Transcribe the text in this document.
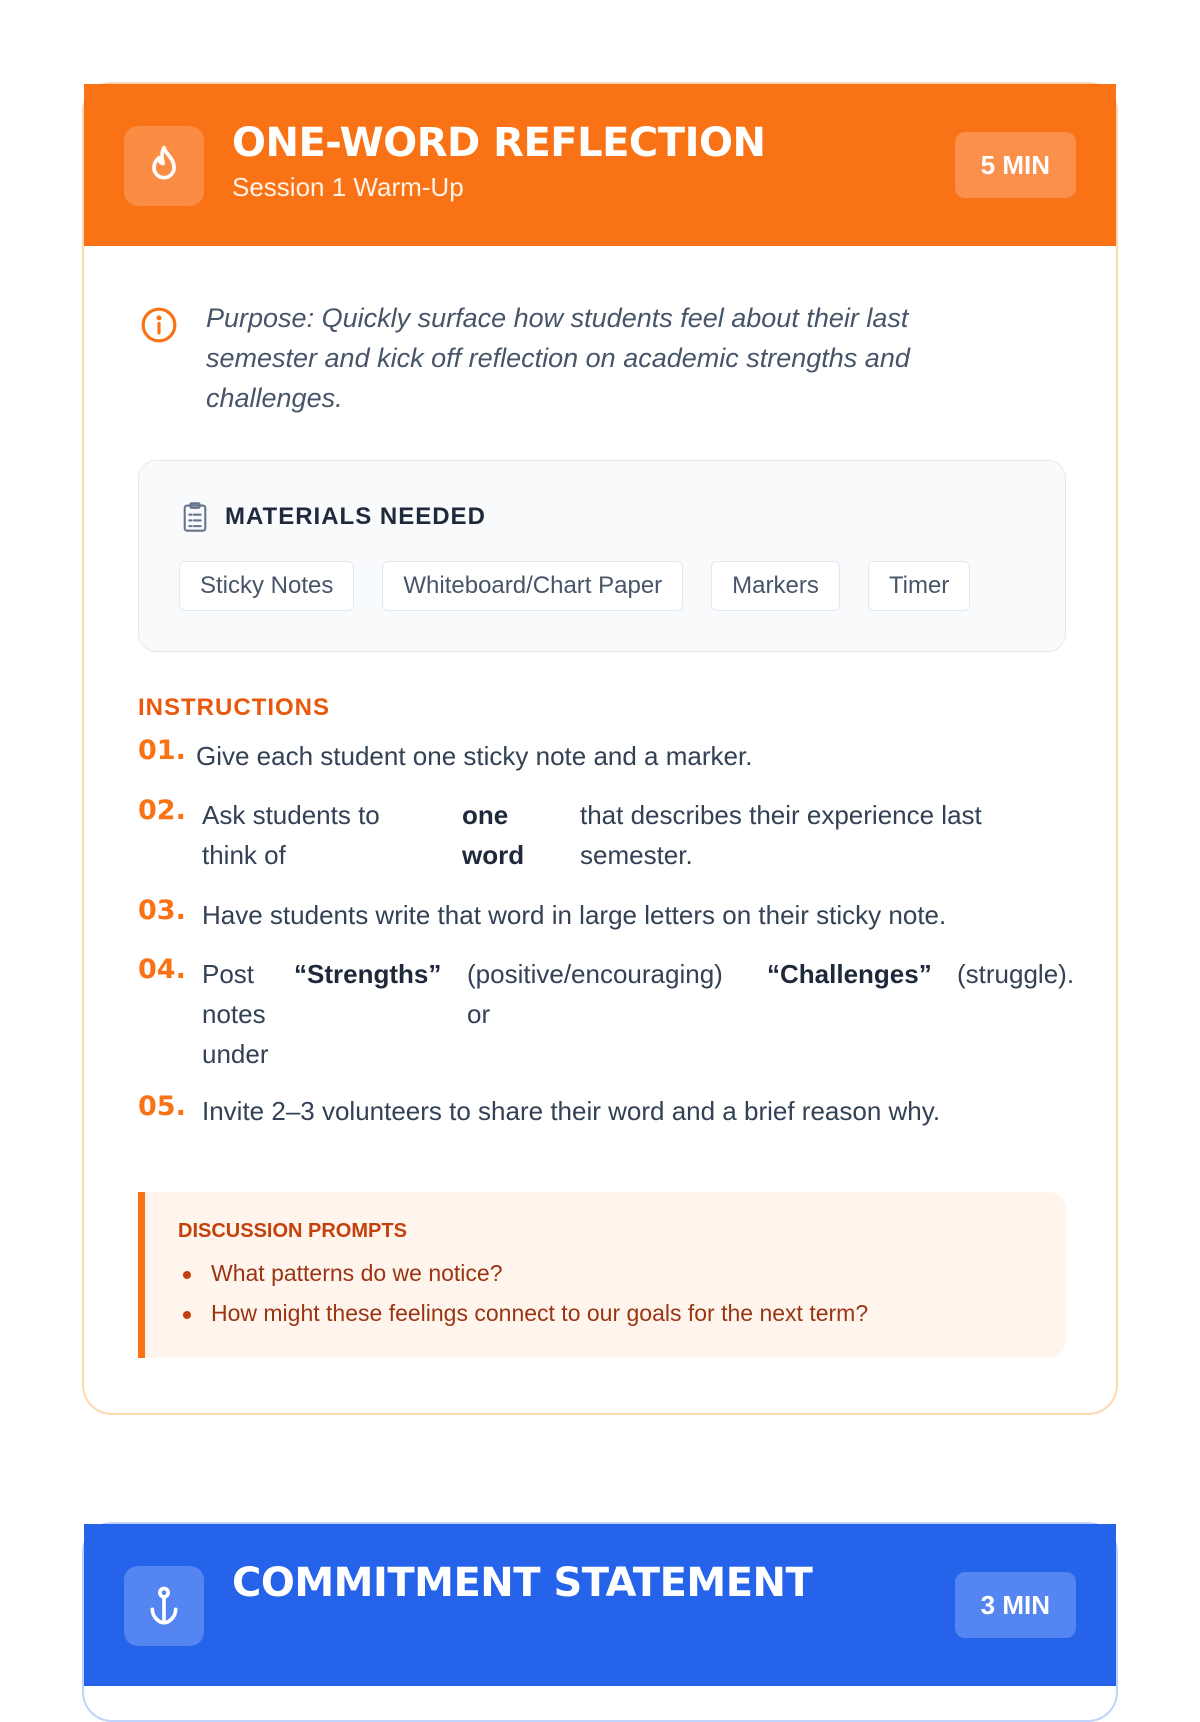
ONE-WORD REFLECTION
Session 1 Warm-Up
5 MIN
Purpose: Quickly surface how students feel about their last
semester and kick off reflection on academic strengths and
challenges.
MATERIALS NEEDED
Sticky Notes	Whiteboard/Chart Paper	Markers	Timer
INSTRUCTIONS
01. Give each student one sticky note and a marker.
02. Ask students to
think of
one
word
that describes their experience last
semester.
03. Have students write that word in large letters on their sticky note.
04. Post
notes
under
“Strengths” (positive/encouraging)
or
“Challenges” (struggle).
05. Invite 2–3 volunteers to share their word and a brief reason why.
DISCUSSION PROMPTS
What patterns do we notice?
How might these feelings connect to our goals for the next term?
COMMITMENT STATEMENT	3 MIN
